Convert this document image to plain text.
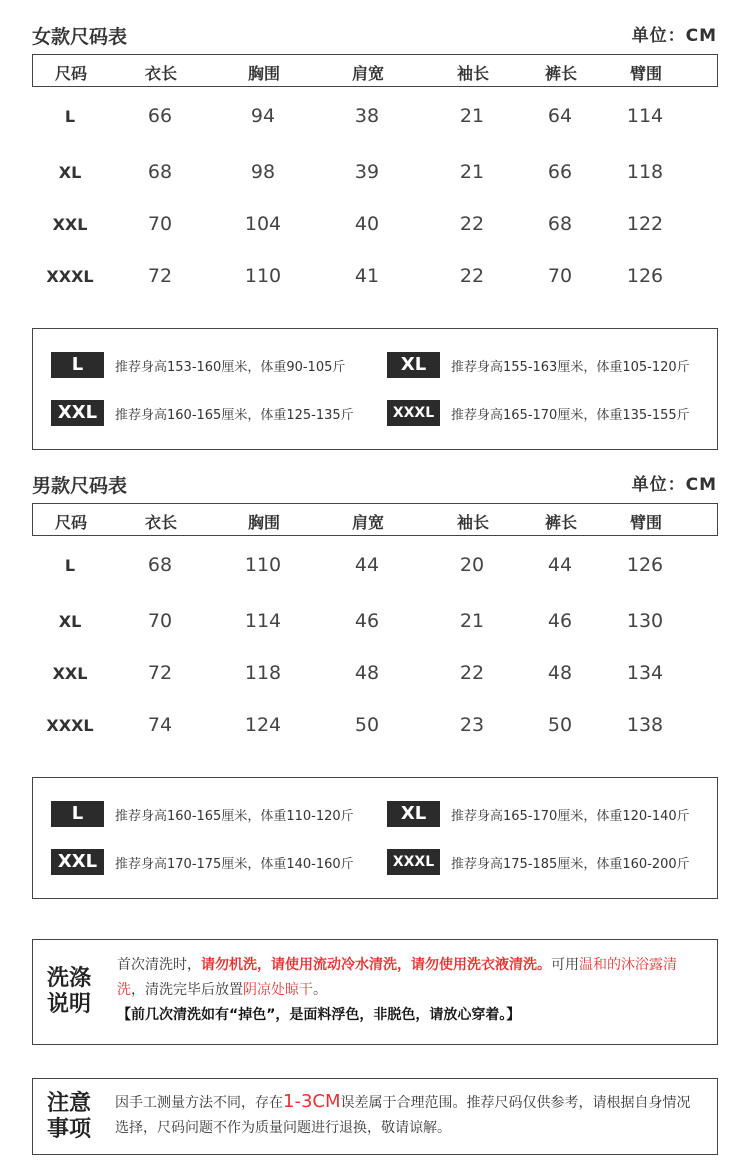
女款尺码表	单位：CM
尺码	衣长	胸围	肩宽	袖长	裤长	臂围
L	66	94	38	21	64	114
XL	68	98	39	21	66	118
XXL	70	104	40	22	68	122
XXXL	72	110	41	22	70	126
L	推荐身高153-160厘米，体重90-105斤	XL	推荐身高155-163厘米，体重105-120斤
XXL	推荐身高160-165厘米，体重125-135斤	XXXL	推荐身高165-170厘米，体重135-155斤
男款尺码表	单位：CM
尺码	衣长	胸围	肩宽	袖长	裤长	臂围
L	68	110	44	20	44	126
XL	70	114	46	21	46	130
XXL	72	118	48	22	48	134
XXXL	74	124	50	23	50	138
L	推荐身高160-165厘米，体重110-120斤	XL	推荐身高165-170厘米，体重120-140斤
XXL	推荐身高170-175厘米，体重140-160斤	XXXL	推荐身高175-185厘米，体重160-200斤
洗涤说明
首次清洗时，请勿机洗，请使用流动冷水清洗，请勿使用洗衣液清洗。可用温和的沐浴露清洗，清洗完毕后放置阴凉处晾干。
【前几次清洗如有“掉色”，是面料浮色，非脱色，请放心穿着。】
注意事项
因手工测量方法不同，存在1-3CM误差属于合理范围。推荐尺码仅供参考，请根据自身情况选择，尺码问题不作为质量问题进行退换，敬请谅解。
